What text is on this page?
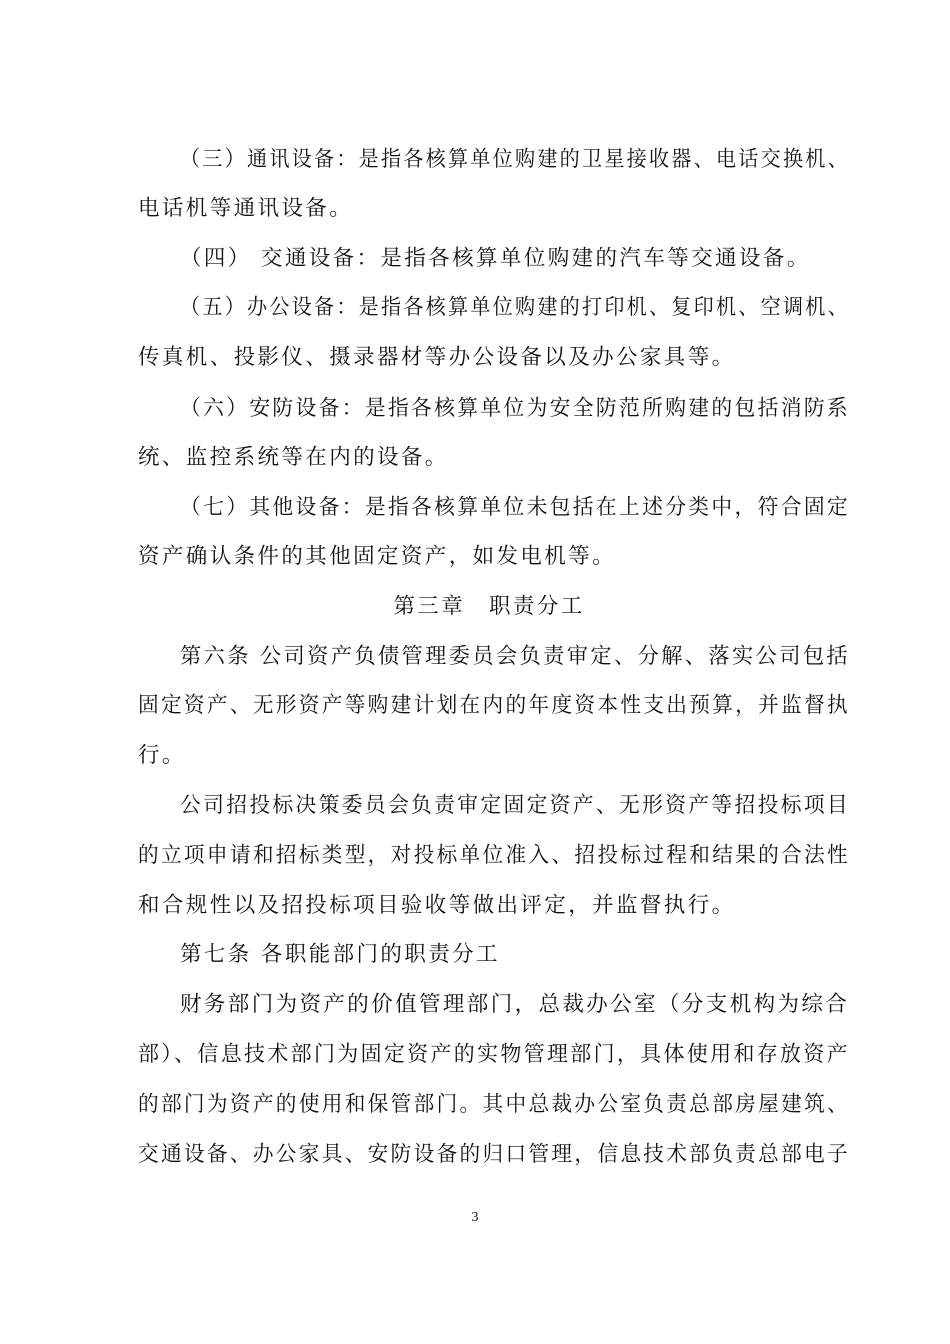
（三）通讯设备：是指各核算单位购建的卫星接收器、电话交换机、
电话机等通讯设备。
（四） 交通设备：是指各核算单位购建的汽车等交通设备。
（五）办公设备：是指各核算单位购建的打印机、复印机、空调机、
传真机、投影仪、摄录器材等办公设备以及办公家具等。
（六）安防设备：是指各核算单位为安全防范所购建的包括消防系
统、监控系统等在内的设备。
（七）其他设备：是指各核算单位未包括在上述分类中，符合固定
资产确认条件的其他固定资产，如发电机等。
第三章　职责分工
第六条 公司资产负债管理委员会负责审定、分解、落实公司包括
固定资产、无形资产等购建计划在内的年度资本性支出预算，并监督执
行。
公司招投标决策委员会负责审定固定资产、无形资产等招投标项目
的立项申请和招标类型，对投标单位准入、招投标过程和结果的合法性
和合规性以及招投标项目验收等做出评定，并监督执行。
第七条 各职能部门的职责分工
财务部门为资产的价值管理部门，总裁办公室（分支机构为综合
部）、信息技术部门为固定资产的实物管理部门，具体使用和存放资产
的部门为资产的使用和保管部门。其中总裁办公室负责总部房屋建筑、
交通设备、办公家具、安防设备的归口管理，信息技术部负责总部电子
3
